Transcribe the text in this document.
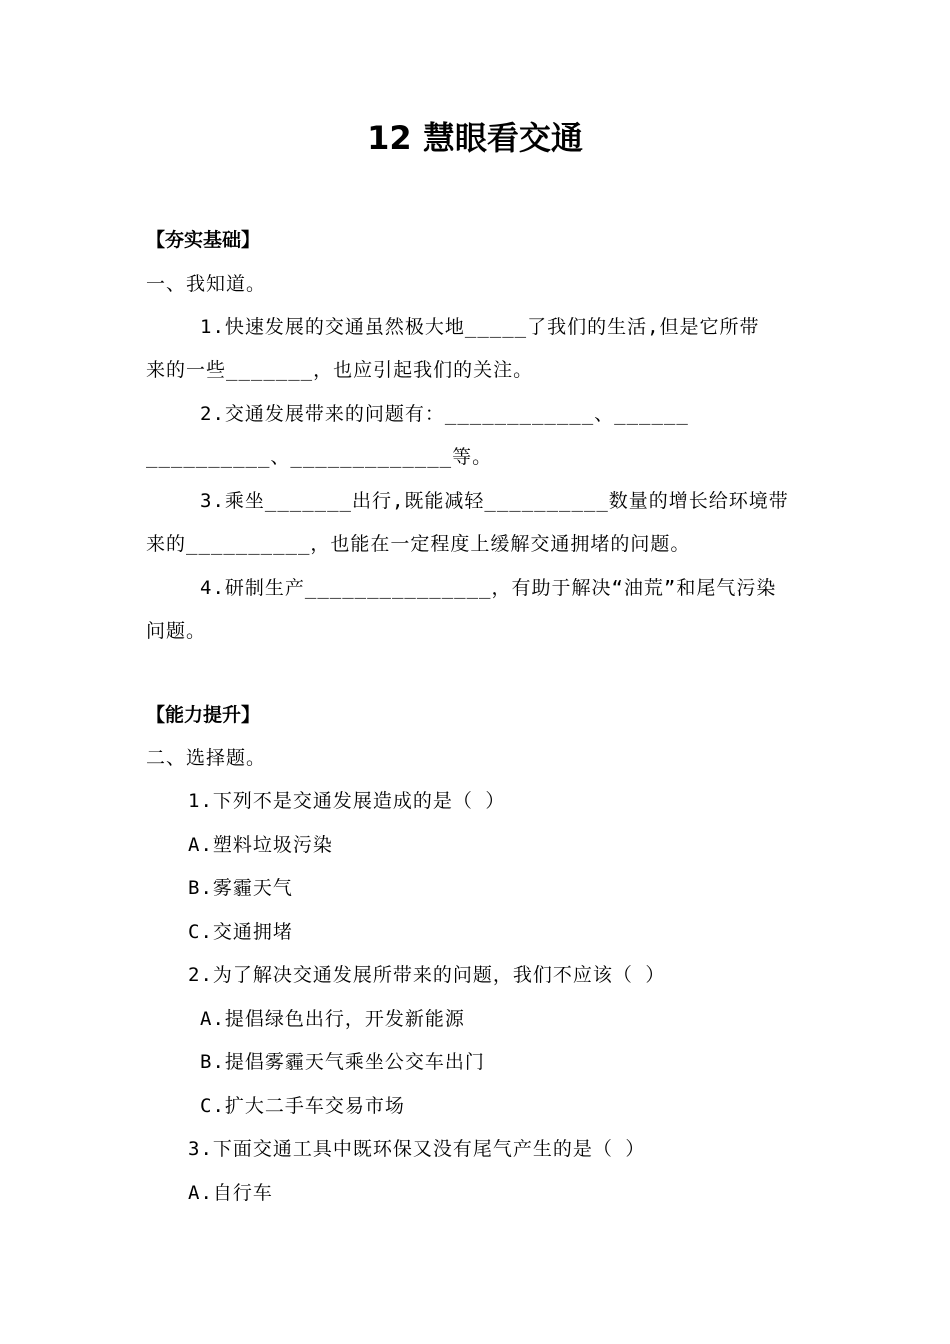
12 慧眼看交通
【夯实基础】
一、我知道。
1.快速发展的交通虽然极大地_____了我们的生活,但是它所带
来的一些_______，也应引起我们的关注。
2.交通发展带来的问题有：____________、______
__________、_____________等。
3.乘坐_______出行,既能减轻__________数量的增长给环境带
来的__________，也能在一定程度上缓解交通拥堵的问题。
4.研制生产_______________，有助于解决“油荒”和尾气污染
问题。
【能力提升】
二、选择题。
1.下列不是交通发展造成的是（ ）
A.塑料垃圾污染
B.雾霾天气
C.交通拥堵
2.为了解决交通发展所带来的问题，我们不应该（ ）
A.提倡绿色出行，开发新能源
B.提倡雾霾天气乘坐公交车出门
C.扩大二手车交易市场
3.下面交通工具中既环保又没有尾气产生的是（ ）
A.自行车
